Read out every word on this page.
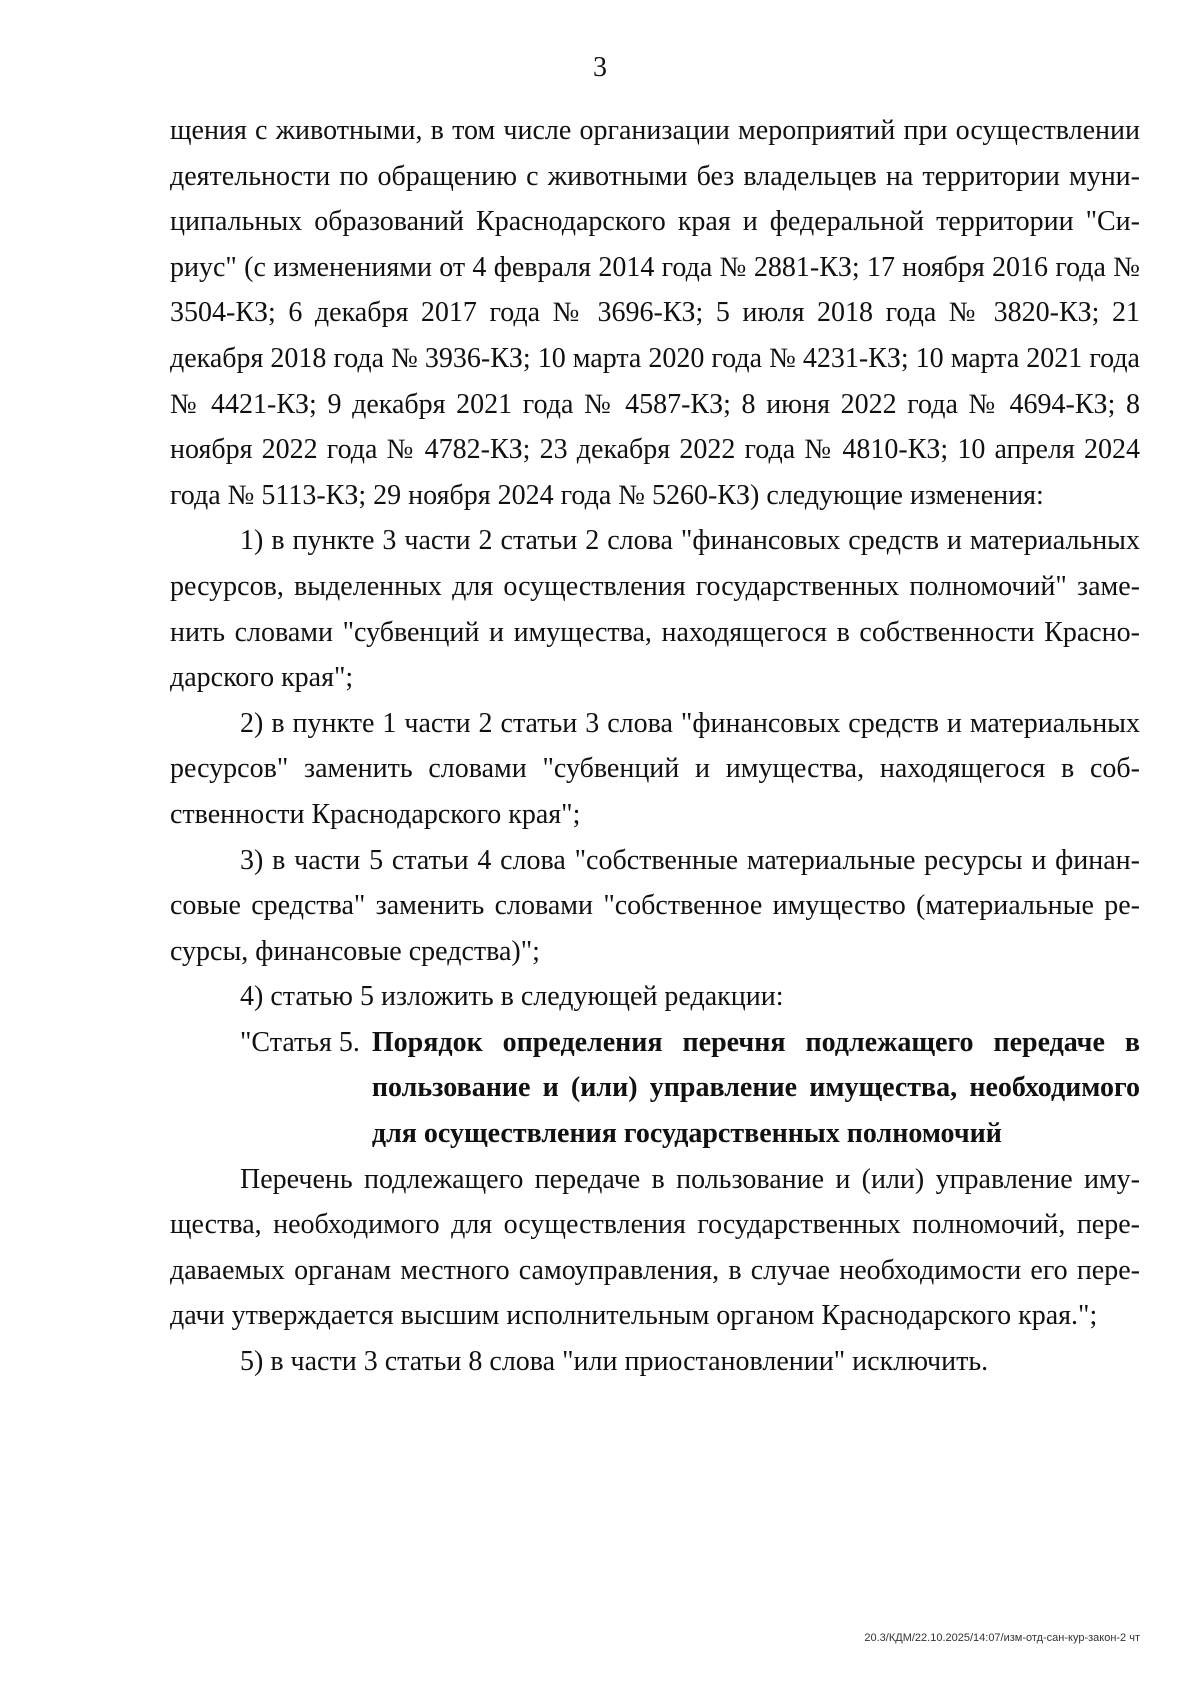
3

щения с животными, в том числе организации мероприятий при осуществлении деятельности по обращению с животными без владельцев на территории муниципальных образований Краснодарского края и федеральной территории "Сириус" (с изменениями от 4 февраля 2014 года № 2881-КЗ; 17 ноября 2016 года № 3504-КЗ; 6 декабря 2017 года № 3696-КЗ; 5 июля 2018 года № 3820-КЗ; 21 декабря 2018 года № 3936-КЗ; 10 марта 2020 года № 4231-КЗ; 10 марта 2021 года № 4421-КЗ; 9 декабря 2021 года № 4587-КЗ; 8 июня 2022 года № 4694-КЗ; 8 ноября 2022 года № 4782-КЗ; 23 декабря 2022 года № 4810-КЗ; 10 апреля 2024 года № 5113-КЗ; 29 ноября 2024 года № 5260-КЗ) следующие изменения:

1) в пункте 3 части 2 статьи 2 слова "финансовых средств и материальных ресурсов, выделенных для осуществления государственных полномочий" заменить словами "субвенций и имущества, находящегося в собственности Краснодарского края";

2) в пункте 1 части 2 статьи 3 слова "финансовых средств и материальных ресурсов" заменить словами "субвенций и имущества, находящегося в собственности Краснодарского края";

3) в части 5 статьи 4 слова "собственные материальные ресурсы и финансовые средства" заменить словами "собственное имущество (материальные ресурсы, финансовые средства)";

4) статью 5 изложить в следующей редакции:

"Статья 5. Порядок определения перечня подлежащего передаче в пользование и (или) управление имущества, необходимого для осуществления государственных полномочий

Перечень подлежащего передаче в пользование и (или) управление имущества, необходимого для осуществления государственных полномочий, передаваемых органам местного самоуправления, в случае необходимости его передачи утверждается высшим исполнительным органом Краснодарского края.";

5) в части 3 статьи 8 слова "или приостановлении" исключить.

20.3/КДМ/22.10.2025/14:07/изм-отд-сан-кур-закон-2 чт
